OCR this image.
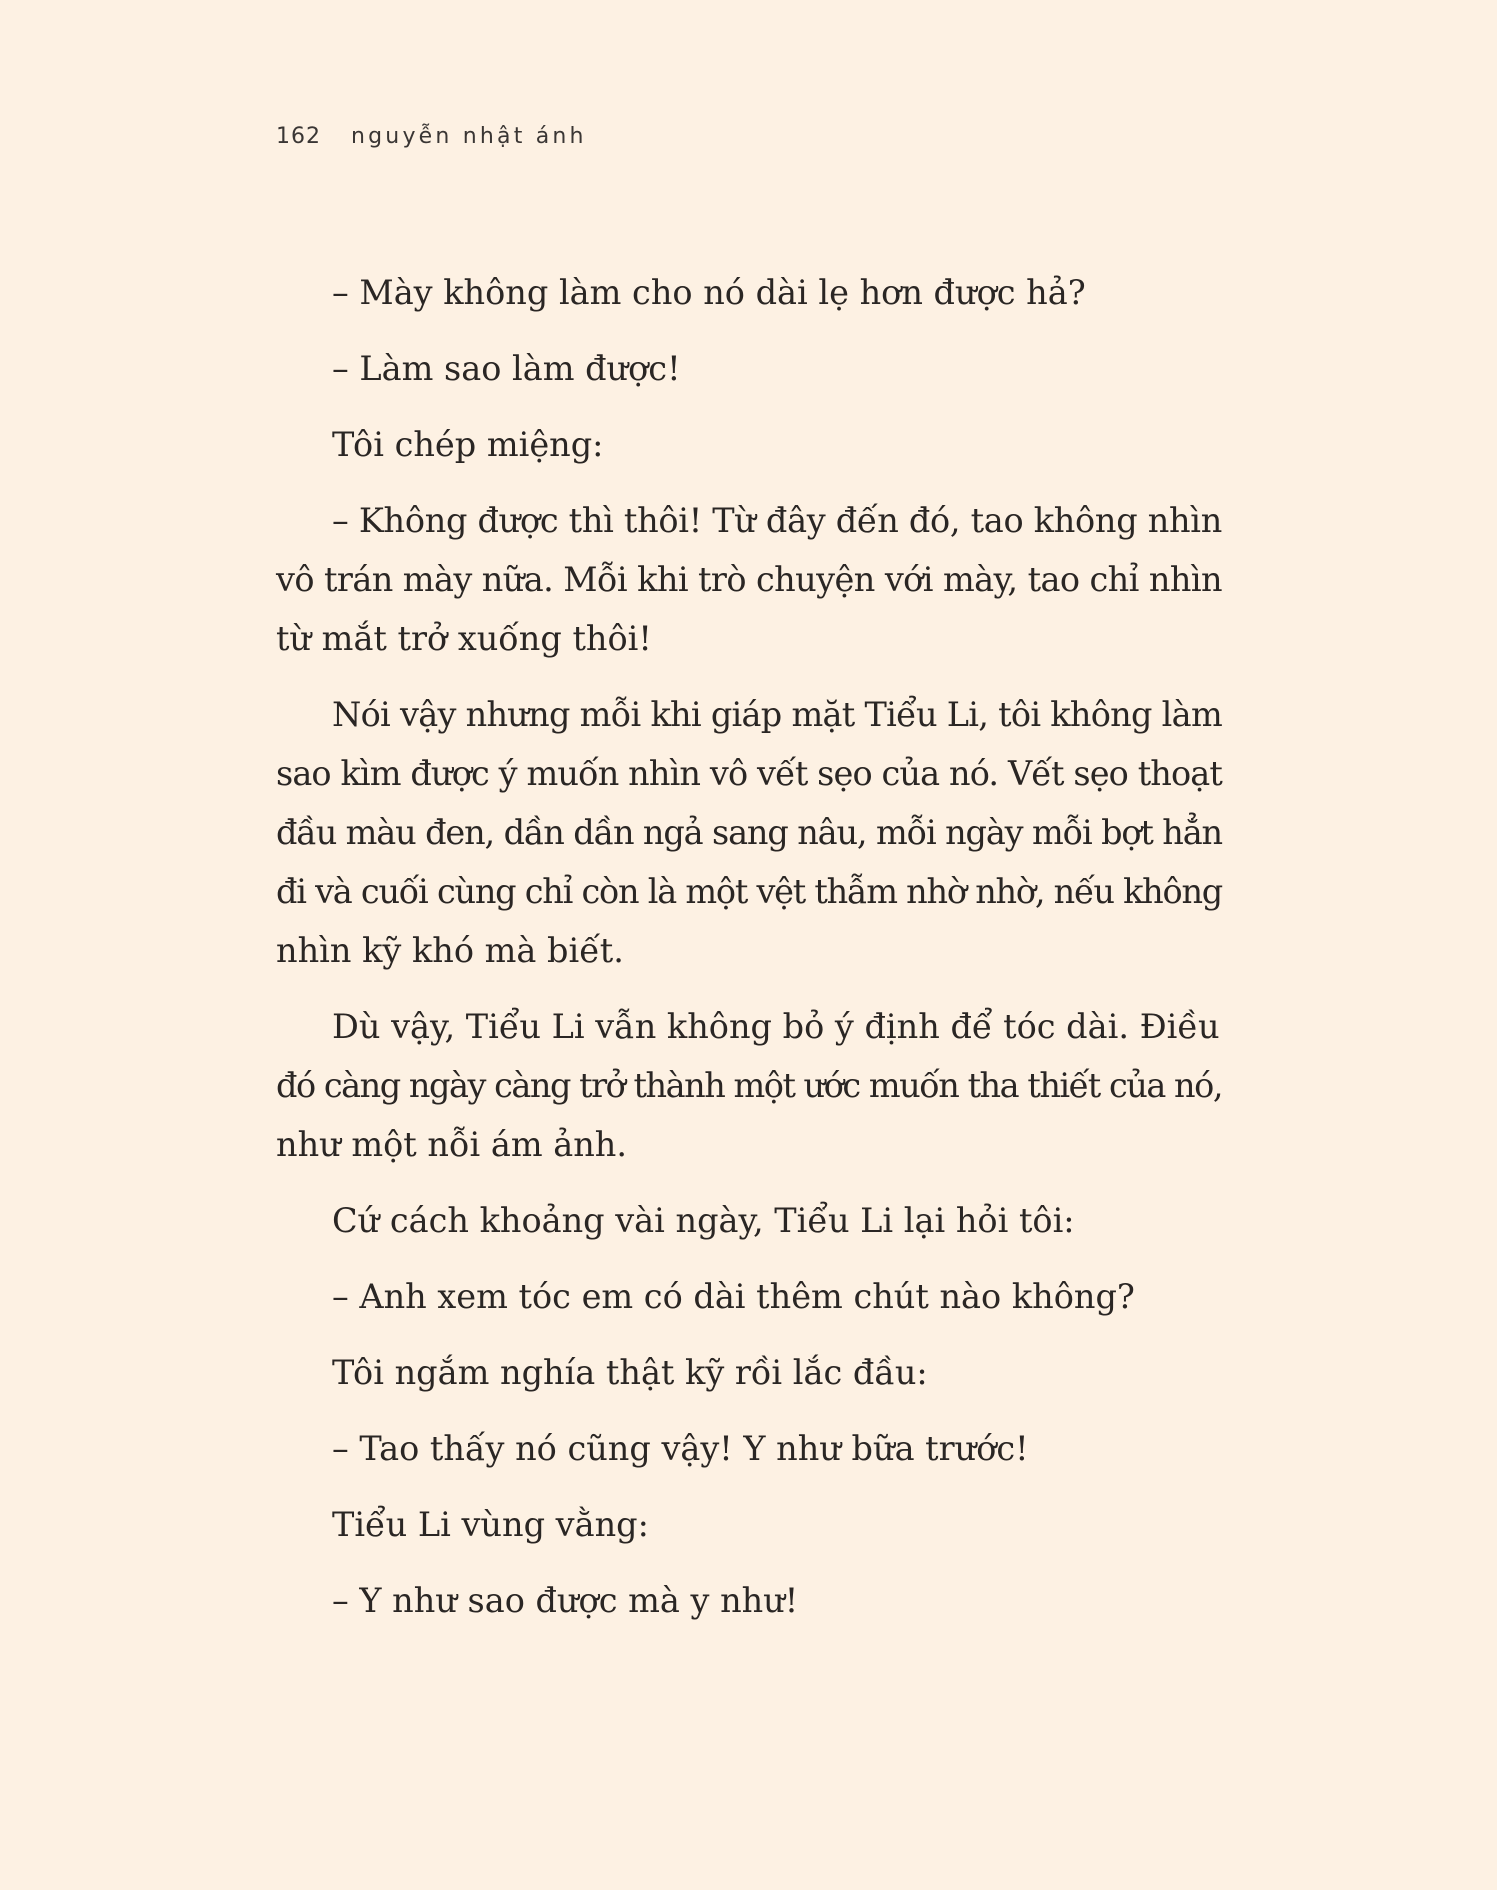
162 nguyễn nhật ánh

– Mày không làm cho nó dài lẹ hơn được hả?

– Làm sao làm được!

Tôi chép miệng:

– Không được thì thôi! Từ đây đến đó, tao không nhìn
vô trán mày nữa. Mỗi khi trò chuyện với mày, tao chỉ nhìn
từ mắt trở xuống thôi!

Nói vậy nhưng mỗi khi giáp mặt Tiểu Li, tôi không làm
sao kìm được ý muốn nhìn vô vết sẹo của nó. Vết sẹo thoạt
đầu màu đen, dần dần ngả sang nâu, mỗi ngày mỗi bợt hẳn
đi và cuối cùng chỉ còn là một vệt thẫm nhờ nhờ, nếu không
nhìn kỹ khó mà biết.

Dù vậy, Tiểu Li vẫn không bỏ ý định để tóc dài. Điều
đó càng ngày càng trở thành một ước muốn tha thiết của nó,
như một nỗi ám ảnh.

Cứ cách khoảng vài ngày, Tiểu Li lại hỏi tôi:

– Anh xem tóc em có dài thêm chút nào không?

Tôi ngắm nghía thật kỹ rồi lắc đầu:

– Tao thấy nó cũng vậy! Y như bữa trước!

Tiểu Li vùng vằng:

– Y như sao được mà y như!
